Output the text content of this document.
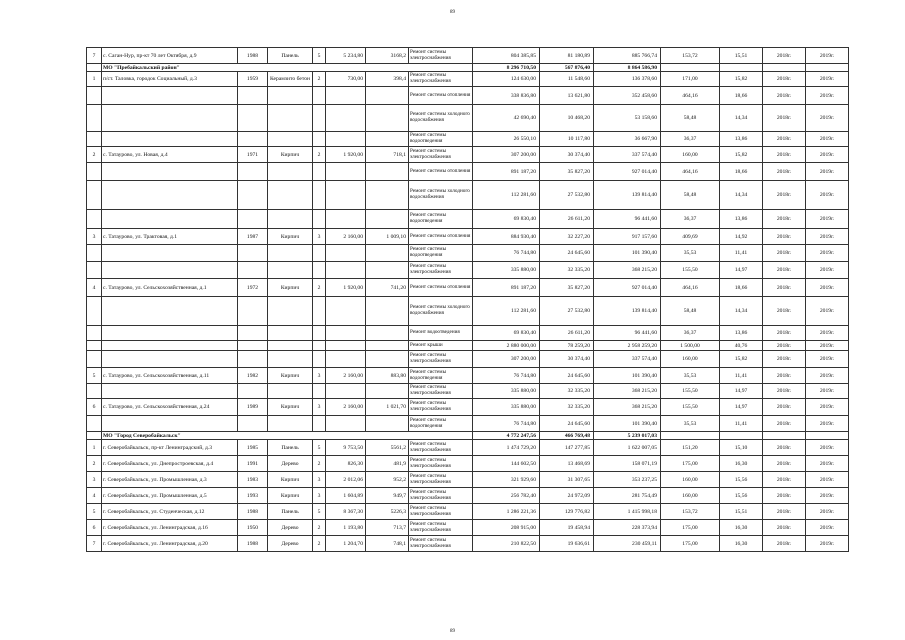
89
7	с. Саган-Нур, пр-кт 70 лет Октября, д.9	1988	Панель	5	5 234,80	3168,2	Ремонт системы электроснабжения	804 385,85	81 180,89	885 766,74	153,72	15,51	2018г.	2019г.
	МО "Пребайкальский район"							8 296 710,50	567 876,40	8 864 586,90				
1	п/ст. Таловка, городок Социальный, д.3	1959	Керамзито бетон	2	730,00	398,4	Ремонт системы электроснабжения	124 630,00	11 548,60	136 378,60	171,00	15,82	2018г.	2019г.
							Ремонт системы отопления	338 836,80	13 621,80	352 458,60	464,16	18,66	2018г.	2019г.
							Ремонт системы холодного водоснабжения	42 690,40	10 468,20	53 158,60	58,48	14,34	2018г.	2019г.
							Ремонт системы водоотведения	26 550,10	10 117,80	36 667,90	36,37	13,86	2018г.	2019г.
2	с. Татаурово, ул. Новая, д.4	1971	Кирпич	2	1 920,00	718,1	Ремонт системы электроснабжения	307 200,00	30 374,40	337 574,40	160,00	15,82	2018г.	2019г.
							Ремонт системы отопления	891 187,20	35 827,20	927 014,40	464,16	18,66	2018г.	2019г.
							Ремонт системы холодного водоснабжения	112 281,60	27 532,80	139 814,40	58,48	14,34	2018г.	2019г.
							Ремонт системы водоотведения	69 830,40	26 611,20	96 441,60	36,37	13,86	2018г.	2019г.
3	с. Татаурово, ул. Трактовая, д.1	1987	Кирпич	3	2 160,00	1 009,10	Ремонт системы отопления	884 930,40	32 227,20	917 157,60	409,69	14,92	2018г.	2019г.
							Ремонт системы водоотведения	76 744,80	24 645,60	101 390,40	35,53	11,41	2018г.	2019г.
							Ремонт системы электроснабжения	335 880,00	32 335,20	368 215,20	155,50	14,97	2018г.	2019г.
4	с. Татаурово, ул. Сельскохозяйственная, д.1	1972	Кирпич	2	1 920,00	741,20	Ремонт системы отопления	891 187,20	35 827,20	927 014,40	464,16	18,66	2018г.	2019г.
							Ремонт системы холодного водоснабжения	112 281,60	27 532,80	139 814,40	58,48	14,34	2018г.	2019г.
							Ремонт водоотведения	69 830,40	26 611,20	96 441,60	36,37	13,86	2018г.	2019г.
							Ремонт крыши	2 880 000,00	78 259,20	2 958 259,20	1 500,00	40,76	2018г.	2019г.
							Ремонт системы электроснабжения	307 200,00	30 374,40	337 574,40	160,00	15,82	2018г.	2019г.
5	с. Татаурово, ул. Сельскохозяйственная, д.11	1982	Кирпич	3	2 160,00	883,80	Ремонт системы водоотведения	76 744,80	24 645,60	101 390,40	35,53	11,41	2018г.	2019г.
							Ремонт системы электроснабжения	335 880,00	32 335,20	368 215,20	155,50	14,97	2018г.	2019г.
6	с. Татаурово, ул. Сельскохозяйственная, д.24	1989	Кирпич	3	2 160,00	1 021,70	Ремонт системы электроснабжения	335 880,00	32 335,20	368 215,20	155,50	14,97	2018г.	2019г.
							Ремонт системы водоотведения	76 744,80	24 645,60	101 390,40	35,53	11,41	2018г.	2019г.
	МО "Город Северобайкальск"							4 772 247,56	466 769,48	5 239 017,03				
1	г. Северобайкальск, пр-кт Ленинградский, д.3	1985	Панель	5	9 753,50	5561,2	Ремонт системы электроснабжения	1 474 729,20	147 277,85	1 622 007,05	151,20	15,10	2018г.	2019г.
2	г. Северобайкальск, ул. Днепростроевская, д.4	1991	Дерево	2	826,30	481,9	Ремонт системы электроснабжения	144 602,50	13 468,69	158 071,19	175,00	16,30	2018г.	2019г.
3	г. Северобайкальск, ул. Промышленная, д.3	1983	Кирпич	3	2 012,06	952,2	Ремонт системы электроснабжения	321 929,60	31 307,65	353 237,25	160,00	15,56	2018г.	2019г.
4	г. Северобайкальск, ул. Промышленная, д.5	1993	Кирпич	3	1 604,89	949,7	Ремонт системы электроснабжения	256 782,40	24 972,09	281 754,49	160,00	15,56	2018г.	2019г.
5	г. Северобайкальск, ул. Студенческая, д.12	1988	Панель	5	8 367,30	5226,3	Ремонт системы электроснабжения	1 286 221,36	129 776,82	1 415 998,18	153,72	15,51	2018г.	2019г.
6	г. Северобайкальск, ул. Ленинградская, д.16	1950	Дерево	2	1 193,80	713,7	Ремонт системы электроснабжения	208 915,00	19 458,94	228 373,94	175,00	16,30	2018г.	2019г.
7	г. Северобайкальск, ул. Ленинградская, д.20	1988	Дерево	2	1 204,70	748,1	Ремонт системы электроснабжения	210 822,50	19 636,61	230 459,11	175,00	16,30	2018г.	2019г.
89
